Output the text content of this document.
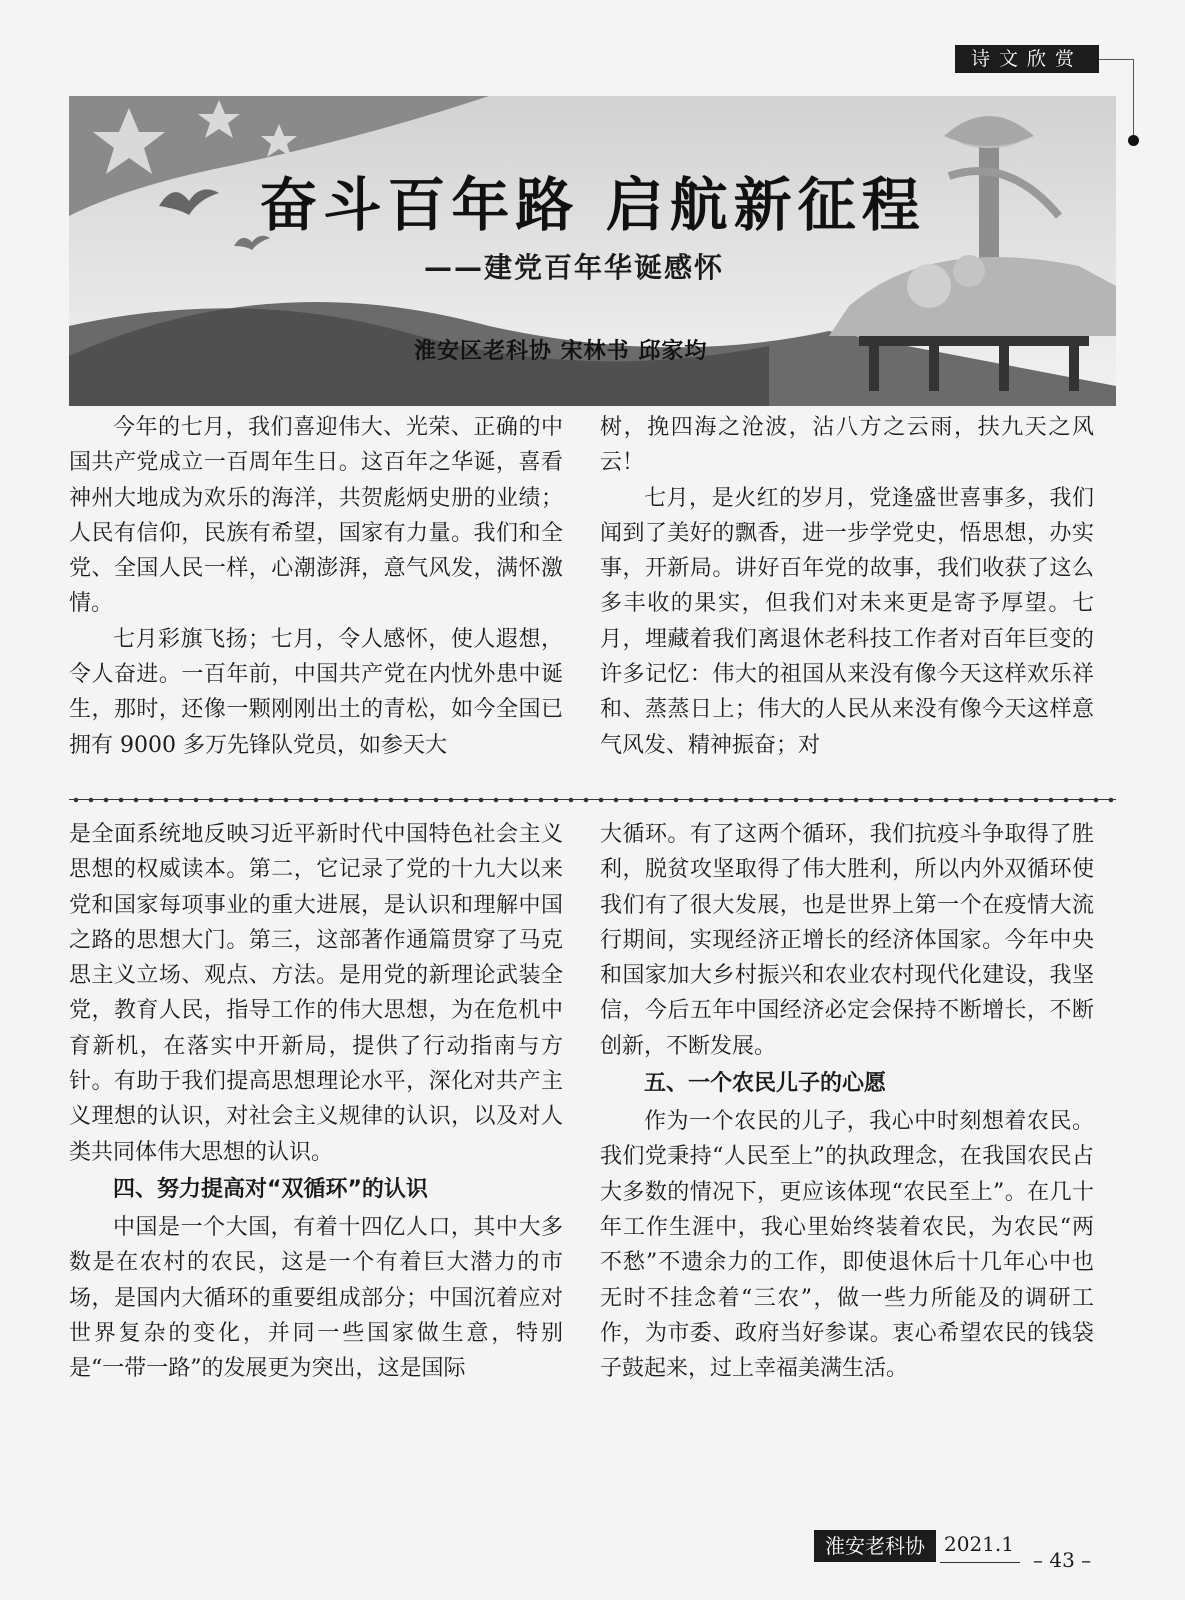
诗文欣赏
奋斗百年路 启航新征程
——建党百年华诞感怀
淮安区老科协 宋林书 邱家均

今年的七月，我们喜迎伟大、光荣、正确的中国共产党成立一百周年生日。这百年之华诞，喜看神州大地成为欢乐的海洋，共贺彪炳史册的业绩；人民有信仰，民族有希望，国家有力量。我们和全党、全国人民一样，心潮澎湃，意气风发，满怀激情。

七月彩旗飞扬；七月，令人感怀，使人遐想，令人奋进。一百年前，中国共产党在内忧外患中诞生，那时，还像一颗刚刚出土的青松，如今全国已拥有 9000 多万先锋队党员，如参天大

树，挽四海之沧波，沾八方之云雨，扶九天之风云！

七月，是火红的岁月，党逢盛世喜事多，我们闻到了美好的飘香，进一步学党史，悟思想，办实事，开新局。讲好百年党的故事，我们收获了这么多丰收的果实，但我们对未来更是寄予厚望。七月，埋藏着我们离退休老科技工作者对百年巨变的许多记忆：伟大的祖国从来没有像今天这样欢乐祥和、蒸蒸日上；伟大的人民从来没有像今天这样意气风发、精神振奋；对

是全面系统地反映习近平新时代中国特色社会主义思想的权威读本。第二，它记录了党的十九大以来党和国家每项事业的重大进展，是认识和理解中国之路的思想大门。第三，这部著作通篇贯穿了马克思主义立场、观点、方法。是用党的新理论武装全党，教育人民，指导工作的伟大思想，为在危机中育新机，在落实中开新局，提供了行动指南与方针。有助于我们提高思想理论水平，深化对共产主义理想的认识，对社会主义规律的认识，以及对人类共同体伟大思想的认识。

四、努力提高对“双循环”的认识

中国是一个大国，有着十四亿人口，其中大多数是在农村的农民，这是一个有着巨大潜力的市场，是国内大循环的重要组成部分；中国沉着应对世界复杂的变化，并同一些国家做生意，特别是“一带一路”的发展更为突出，这是国际

大循环。有了这两个循环，我们抗疫斗争取得了胜利，脱贫攻坚取得了伟大胜利，所以内外双循环使我们有了很大发展，也是世界上第一个在疫情大流行期间，实现经济正增长的经济体国家。今年中央和国家加大乡村振兴和农业农村现代化建设，我坚信，今后五年中国经济必定会保持不断增长，不断创新，不断发展。

五、一个农民儿子的心愿

作为一个农民的儿子，我心中时刻想着农民。我们党秉持“人民至上”的执政理念，在我国农民占大多数的情况下，更应该体现“农民至上”。在几十年工作生涯中，我心里始终装着农民，为农民“两不愁”不遗余力的工作，即使退休后十几年心中也无时不挂念着“三农”，做一些力所能及的调研工作，为市委、政府当好参谋。衷心希望农民的钱袋子鼓起来，过上幸福美满生活。

淮安老科协 2021.1
– 43 –
